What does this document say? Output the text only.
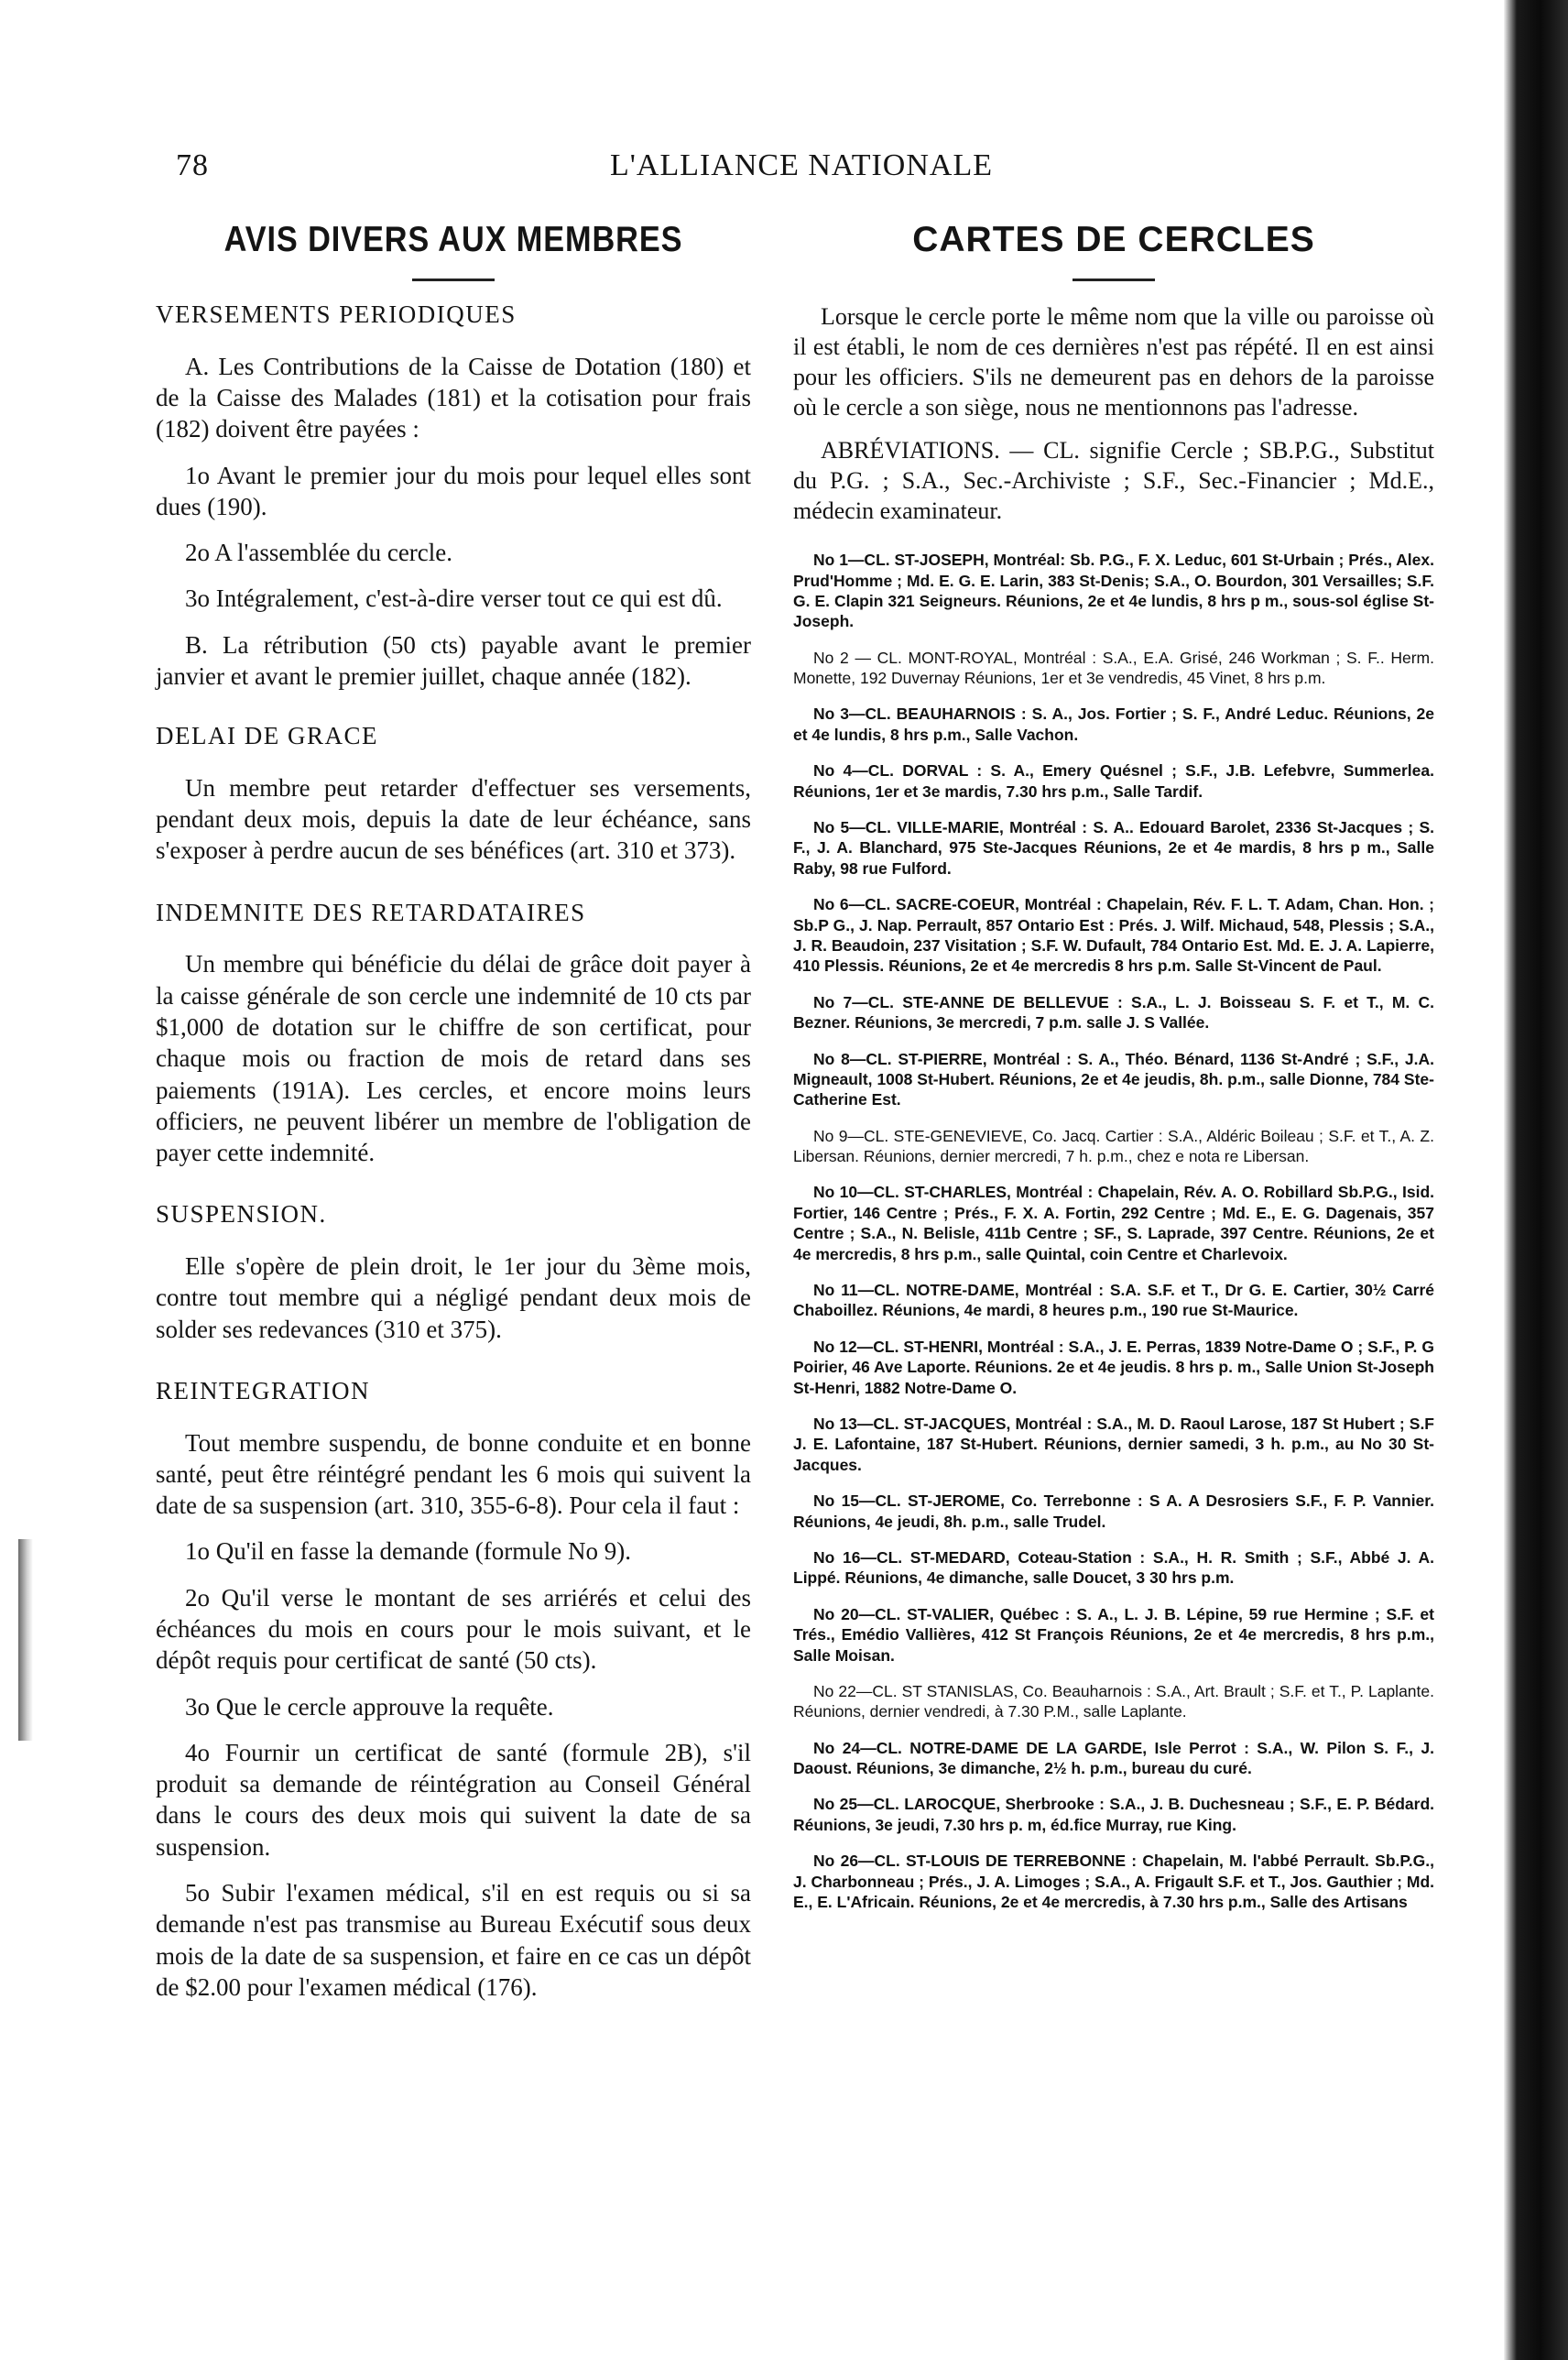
78	L'ALLIANCE NATIONALE
AVIS DIVERS AUX MEMBRES
VERSEMENTS PERIODIQUES

A. Les Contributions de la Caisse de Dotation (180) et de la Caisse des Malades (181) et la cotisation pour frais (182) doivent être payées :

1o Avant le premier jour du mois pour lequel elles sont dues (190).

2o A l'assemblée du cercle.

3o Intégralement, c'est-à-dire verser tout ce qui est dû.

B. La rétribution (50 cts) payable avant le premier janvier et avant le premier juillet, chaque année (182).

DELAI DE GRACE

Un membre peut retarder d'effectuer ses versements, pendant deux mois, depuis la date de leur échéance, sans s'exposer à perdre aucun de ses bénéfices (art. 310 et 373).

INDEMNITE DES RETARDATAIRES

Un membre qui bénéficie du délai de grâce doit payer à la caisse générale de son cercle une indemnité de 10 cts par $1,000 de dotation sur le chiffre de son certificat, pour chaque mois ou fraction de mois de retard dans ses paiements (191A). Les cercles, et encore moins leurs officiers, ne peuvent libérer un membre de l'obligation de payer cette indemnité.

SUSPENSION.

Elle s'opère de plein droit, le 1er jour du 3ème mois, contre tout membre qui a négligé pendant deux mois de solder ses redevances (310 et 375).

REINTEGRATION

Tout membre suspendu, de bonne conduite et en bonne santé, peut être réintégré pendant les 6 mois qui suivent la date de sa suspension (art. 310, 355-6-8). Pour cela il faut :

1o Qu'il en fasse la demande (formule No 9).

2o Qu'il verse le montant de ses arriérés et celui des échéances du mois en cours pour le mois suivant, et le dépôt requis pour certificat de santé (50 cts).

3o Que le cercle approuve la requête.

4o Fournir un certificat de santé (formule 2B), s'il produit sa demande de réintégration au Conseil Général dans le cours des deux mois qui suivent la date de sa suspension.

5o Subir l'examen médical, s'il en est requis ou si sa demande n'est pas transmise au Bureau Exécutif sous deux mois de la date de sa suspension, et faire en ce cas un dépôt de $2.00 pour l'examen médical (176).

CARTES DE CERCLES

Lorsque le cercle porte le même nom que la ville ou paroisse où il est établi, le nom de ces dernières n'est pas répété. Il en est ainsi pour les officiers. S'ils ne demeurent pas en dehors de la paroisse où le cercle a son siège, nous ne mentionnons pas l'adresse.

ABRÉVIATIONS. — CL. signifie Cercle ; SB.P.G., Substitut du P.G. ; S.A., Sec.-Archiviste ; S.F., Sec.-Financier ; Md.E., médecin examinateur.

No 1—CL. ST-JOSEPH, Montréal: Sb. P.G., F. X. Leduc, 601 St-Urbain ; Prés., Alex. Prud'Homme ; Md. E. G. E. Larin, 383 St-Denis; S.A., O. Bourdon, 301 Versailles; S.F. G. E. Clapin 321 Seigneurs. Réunions, 2e et 4e lundis, 8 hrs p m., sous-sol église St-Joseph.

No 2 — CL. MONT-ROYAL, Montréal : S.A., E.A. Grisé, 246 Workman ; S. F.. Herm. Monette, 192 Duvernay Réunions, 1er et 3e vendredis, 45 Vinet, 8 hrs p.m.

No 3—CL. BEAUHARNOIS : S. A., Jos. Fortier ; S. F., André Leduc. Réunions, 2e et 4e lundis, 8 hrs p.m., Salle Vachon.

No 4—CL. DORVAL : S. A., Emery Quésnel ; S.F., J.B. Lefebvre, Summerlea. Réunions, 1er et 3e mardis, 7.30 hrs p.m., Salle Tardif.

No 5—CL. VILLE-MARIE, Montréal : S. A.. Edouard Barolet, 2336 St-Jacques ; S. F., J. A. Blanchard, 975 Ste-Jacques Réunions, 2e et 4e mardis, 8 hrs p m., Salle Raby, 98 rue Fulford.

No 6—CL. SACRE-COEUR, Montréal : Chapelain, Rév. F. L. T. Adam, Chan. Hon. ; Sb.P G., J. Nap. Perrault, 857 Ontario Est : Prés. J. Wilf. Michaud, 548, Plessis ; S.A., J. R. Beaudoin, 237 Visitation ; S.F. W. Dufault, 784 Ontario Est. Md. E. J. A. Lapierre, 410 Plessis. Réunions, 2e et 4e mercredis 8 hrs p.m. Salle St-Vincent de Paul.

No 7—CL. STE-ANNE DE BELLEVUE : S.A., L. J. Boisseau S. F. et T., M. C. Bezner. Réunions, 3e mercredi, 7 p.m. salle J. S Vallée.

No 8—CL. ST-PIERRE, Montréal : S. A., Théo. Bénard, 1136 St-André ; S.F., J.A. Migneault, 1008 St-Hubert. Réunions, 2e et 4e jeudis, 8h. p.m., salle Dionne, 784 Ste-Catherine Est.

No 9—CL. STE-GENEVIEVE, Co. Jacq. Cartier : S.A., Aldéric Boileau ; S.F. et T., A. Z. Libersan. Réunions, dernier mercredi, 7 h. p.m., chez e nota re Libersan.

No 10—CL. ST-CHARLES, Montréal : Chapelain, Rév. A. O. Robillard Sb.P.G., Isid. Fortier, 146 Centre ; Prés., F. X. A. Fortin, 292 Centre ; Md. E., E. G. Dagenais, 357 Centre ; S.A., N. Belisle, 411b Centre ; SF., S. Laprade, 397 Centre. Réunions, 2e et 4e mercredis, 8 hrs p.m., salle Quintal, coin Centre et Charlevoix.

No 11—CL. NOTRE-DAME, Montréal : S.A. S.F. et T., Dr G. E. Cartier, 30½ Carré Chaboillez. Réunions, 4e mardi, 8 heures p.m., 190 rue St-Maurice.

No 12—CL. ST-HENRI, Montréal : S.A., J. E. Perras, 1839 Notre-Dame O ; S.F., P. G Poirier, 46 Ave Laporte. Réunions. 2e et 4e jeudis. 8 hrs p. m., Salle Union St-Joseph St-Henri, 1882 Notre-Dame O.

No 13—CL. ST-JACQUES, Montréal : S.A., M. D. Raoul Larose, 187 St Hubert ; S.F J. E. Lafontaine, 187 St-Hubert. Réunions, dernier samedi, 3 h. p.m., au No 30 St-Jacques.

No 15—CL. ST-JEROME, Co. Terrebonne : S A. A Desrosiers S.F., F. P. Vannier. Réunions, 4e jeudi, 8h. p.m., salle Trudel.

No 16—CL. ST-MEDARD, Coteau-Station : S.A., H. R. Smith ; S.F., Abbé J. A. Lippé. Réunions, 4e dimanche, salle Doucet, 3 30 hrs p.m.

No 20—CL. ST-VALIER, Québec : S. A., L. J. B. Lépine, 59 rue Hermine ; S.F. et Trés., Emédio Vallières, 412 St François Réunions, 2e et 4e mercredis, 8 hrs p.m., Salle Moisan.

No 22—CL. ST STANISLAS, Co. Beauharnois : S.A., Art. Brault ; S.F. et T., P. Laplante. Réunions, dernier vendredi, à 7.30 P.M., salle Laplante.

No 24—CL. NOTRE-DAME DE LA GARDE, Isle Perrot : S.A., W. Pilon S. F., J. Daoust. Réunions, 3e dimanche, 2½ h. p.m., bureau du curé.

No 25—CL. LAROCQUE, Sherbrooke : S.A., J. B. Duchesneau ; S.F., E. P. Bédard. Réunions, 3e jeudi, 7.30 hrs p. m, éd.fice Murray, rue King.

No 26—CL. ST-LOUIS DE TERREBONNE : Chapelain, M. l'abbé Perrault. Sb.P.G., J. Charbonneau ; Prés., J. A. Limoges ; S.A., A. Frigault S.F. et T., Jos. Gauthier ; Md. E., E. L'Africain. Réunions, 2e et 4e mercredis, à 7.30 hrs p.m., Salle des Artisans
